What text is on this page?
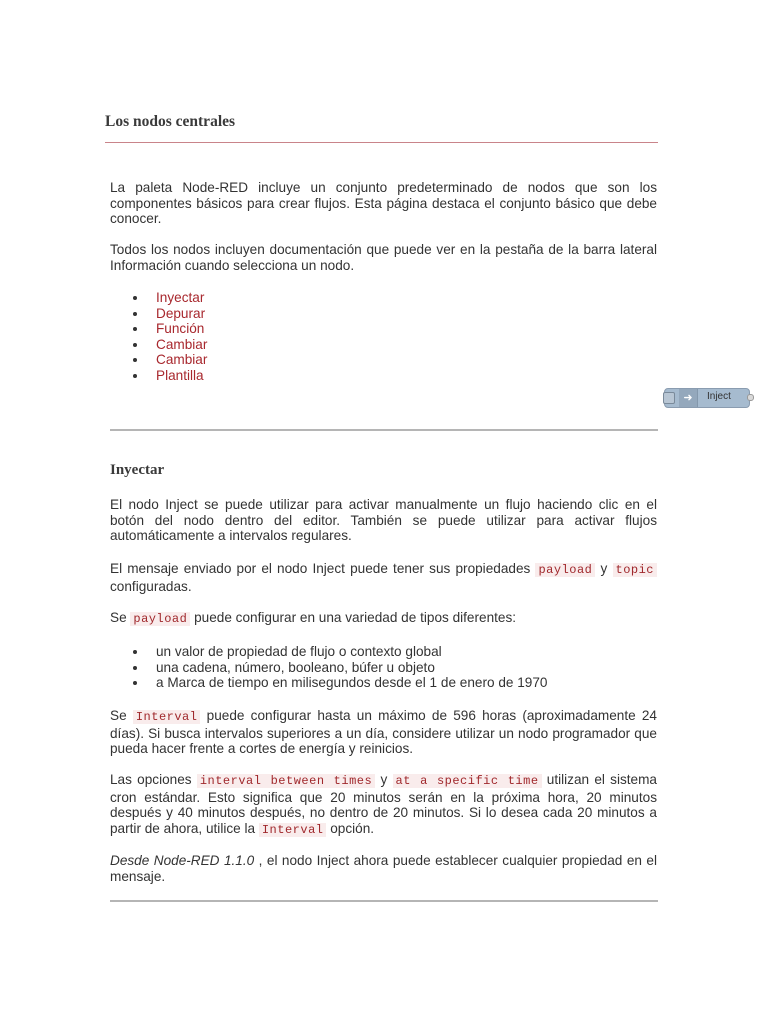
Los nodos centrales

La paleta Node-RED incluye un conjunto predeterminado de nodos que son los componentes básicos para crear flujos. Esta página destaca el conjunto básico que debe conocer.

Todos los nodos incluyen documentación que puede ver en la pestaña de la barra lateral Información cuando selecciona un nodo.

Inyectar
Depurar
Función
Cambiar
Cambiar
Plantilla
➜	Inject
Inyectar

El nodo Inject se puede utilizar para activar manualmente un flujo haciendo clic en el botón del nodo dentro del editor. También se puede utilizar para activar flujos automáticamente a intervalos regulares.

El mensaje enviado por el nodo Inject puede tener sus propiedades payload y topic configuradas.

Se payload puede configurar en una variedad de tipos diferentes:

un valor de propiedad de flujo o contexto global
una cadena, número, booleano, búfer u objeto
a Marca de tiempo en milisegundos desde el 1 de enero de 1970

Se Interval puede configurar hasta un máximo de 596 horas (aproximadamente 24 días). Si busca intervalos superiores a un día, considere utilizar un nodo programador que pueda hacer frente a cortes de energía y reinicios.

Las opciones interval between times y at a specific time utilizan el sistema cron estándar. Esto significa que 20 minutos serán en la próxima hora, 20 minutos después y 40 minutos después, no dentro de 20 minutos. Si lo desea cada 20 minutos a partir de ahora, utilice la Interval opción.

Desde Node-RED 1.1.0 , el nodo Inject ahora puede establecer cualquier propiedad en el mensaje.
